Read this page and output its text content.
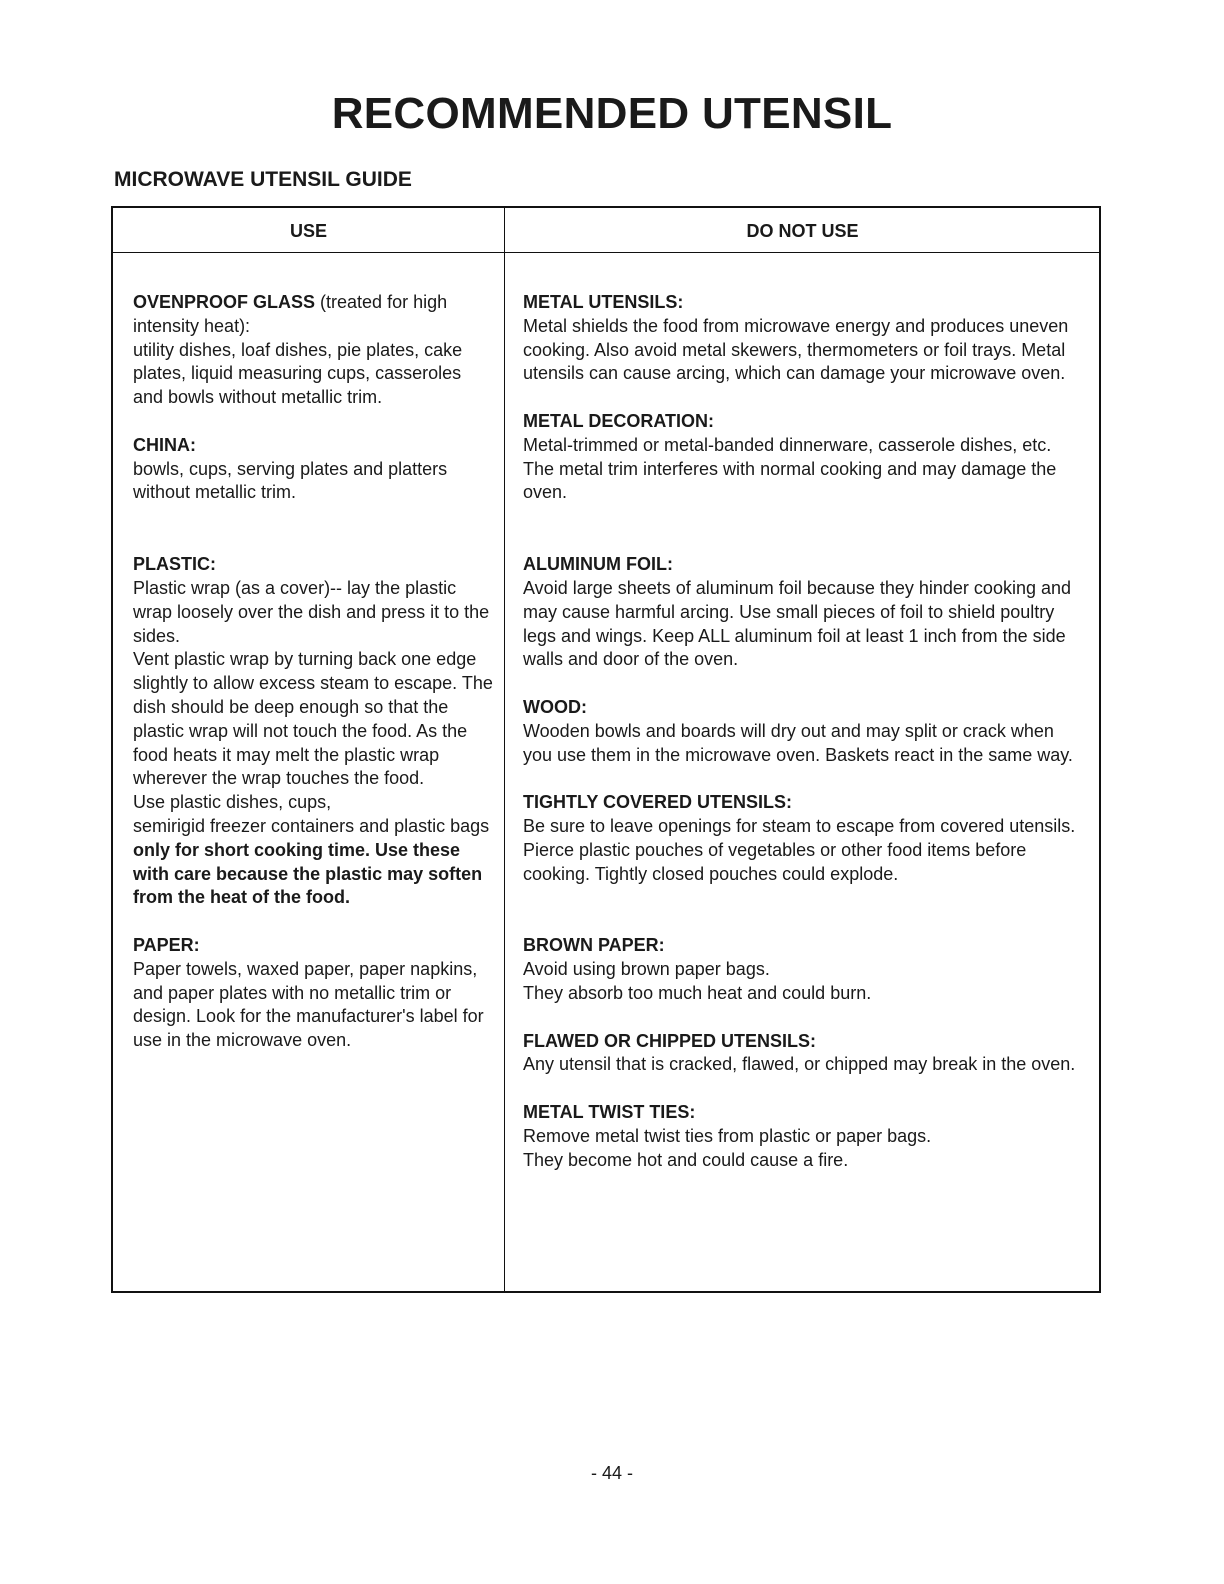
RECOMMENDED UTENSIL
MICROWAVE UTENSIL GUIDE
USE	DO NOT USE
OVENPROOF GLASS (treated for high intensity heat):
utility dishes, loaf dishes, pie plates, cake plates, liquid measuring cups, casseroles and bowls without metallic trim.
CHINA:
bowls, cups, serving plates and platters without metallic trim.
PLASTIC:
Plastic wrap (as a cover)-- lay the plastic wrap loosely over the dish and press it to the sides.
Vent plastic wrap by turning back one edge slightly to allow excess steam to escape. The dish should be deep enough so that the plastic wrap will not touch the food. As the food heats it may melt the plastic wrap wherever the wrap touches the food.
Use plastic dishes, cups,
semirigid freezer containers and plastic bags only for short cooking time. Use these with care because the plastic may soften from the heat of the food.
PAPER:
Paper towels, waxed paper, paper napkins, and paper plates with no metallic trim or design. Look for the manufacturer's label for use in the microwave oven.
METAL UTENSILS:
Metal shields the food from microwave energy and produces uneven cooking. Also avoid metal skewers, thermometers or foil trays. Metal utensils can cause arcing, which can damage your microwave oven.
METAL DECORATION:
Metal-trimmed or metal-banded dinnerware, casserole dishes, etc. The metal trim interferes with normal cooking and may damage the oven.
ALUMINUM FOIL:
Avoid large sheets of aluminum foil because they hinder cooking and may cause harmful arcing. Use small pieces of foil to shield poultry legs and wings. Keep ALL aluminum foil at least 1 inch from the side walls and door of the oven.
WOOD:
Wooden bowls and boards will dry out and may split or crack when you use them in the microwave oven. Baskets react in the same way.
TIGHTLY COVERED UTENSILS:
Be sure to leave openings for steam to escape from covered utensils. Pierce plastic pouches of vegetables or other food items before cooking. Tightly closed pouches could explode.
BROWN PAPER:
Avoid using brown paper bags.
They absorb too much heat and could burn.
FLAWED OR CHIPPED UTENSILS:
Any utensil that is cracked, flawed, or chipped may break in the oven.
METAL TWIST TIES:
Remove metal twist ties from plastic or paper bags.
They become hot and could cause a fire.
- 44 -
